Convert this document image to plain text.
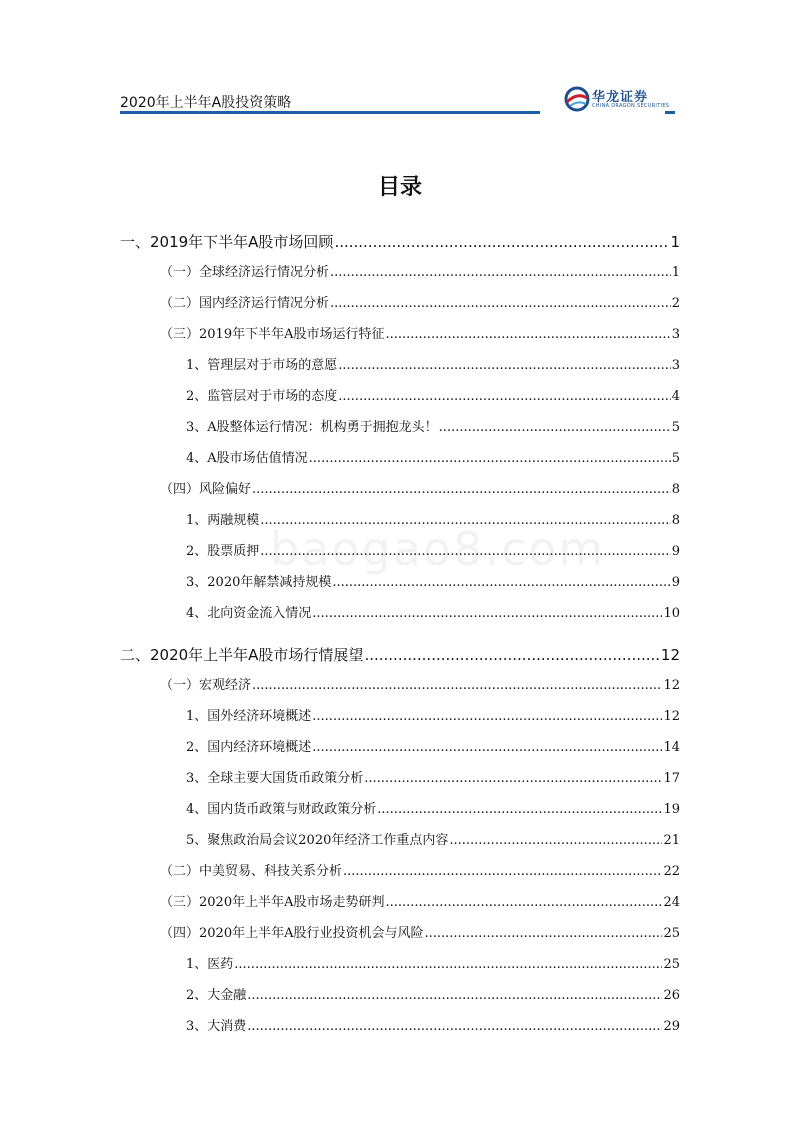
2020年上半年A股投资策略	华龙证券
CHINA DRAGON SECURITIES
baogao8.com
目录
一、2019年下半年A股市场回顾 .....	1
（一）全球经济运行情况分析 .....	1
（二）国内经济运行情况分析 .....	2
（三）2019年下半年A股市场运行特征 .....	3
1、管理层对于市场的意愿 .....	3
2、监管层对于市场的态度 .....	4
3、A股整体运行情况：机构勇于拥抱龙头！ .....	5
4、A股市场估值情况 .....	5
（四）风险偏好 .....	8
1、两融规模 .....	8
2、股票质押 .....	9
3、2020年解禁减持规模 .....	9
4、北向资金流入情况 .....	10
二、2020年上半年A股市场行情展望 .....	12
（一）宏观经济 .....	12
1、国外经济环境概述 .....	12
2、国内经济环境概述 .....	14
3、全球主要大国货币政策分析 .....	17
4、国内货币政策与财政政策分析 .....	19
5、聚焦政治局会议2020年经济工作重点内容 .....	21
（二）中美贸易、科技关系分析 .....	22
（三）2020年上半年A股市场走势研判 .....	24
（四）2020年上半年A股行业投资机会与风险 .....	25
1、医药 .....	25
2、大金融 .....	26
3、大消费 .....	29
